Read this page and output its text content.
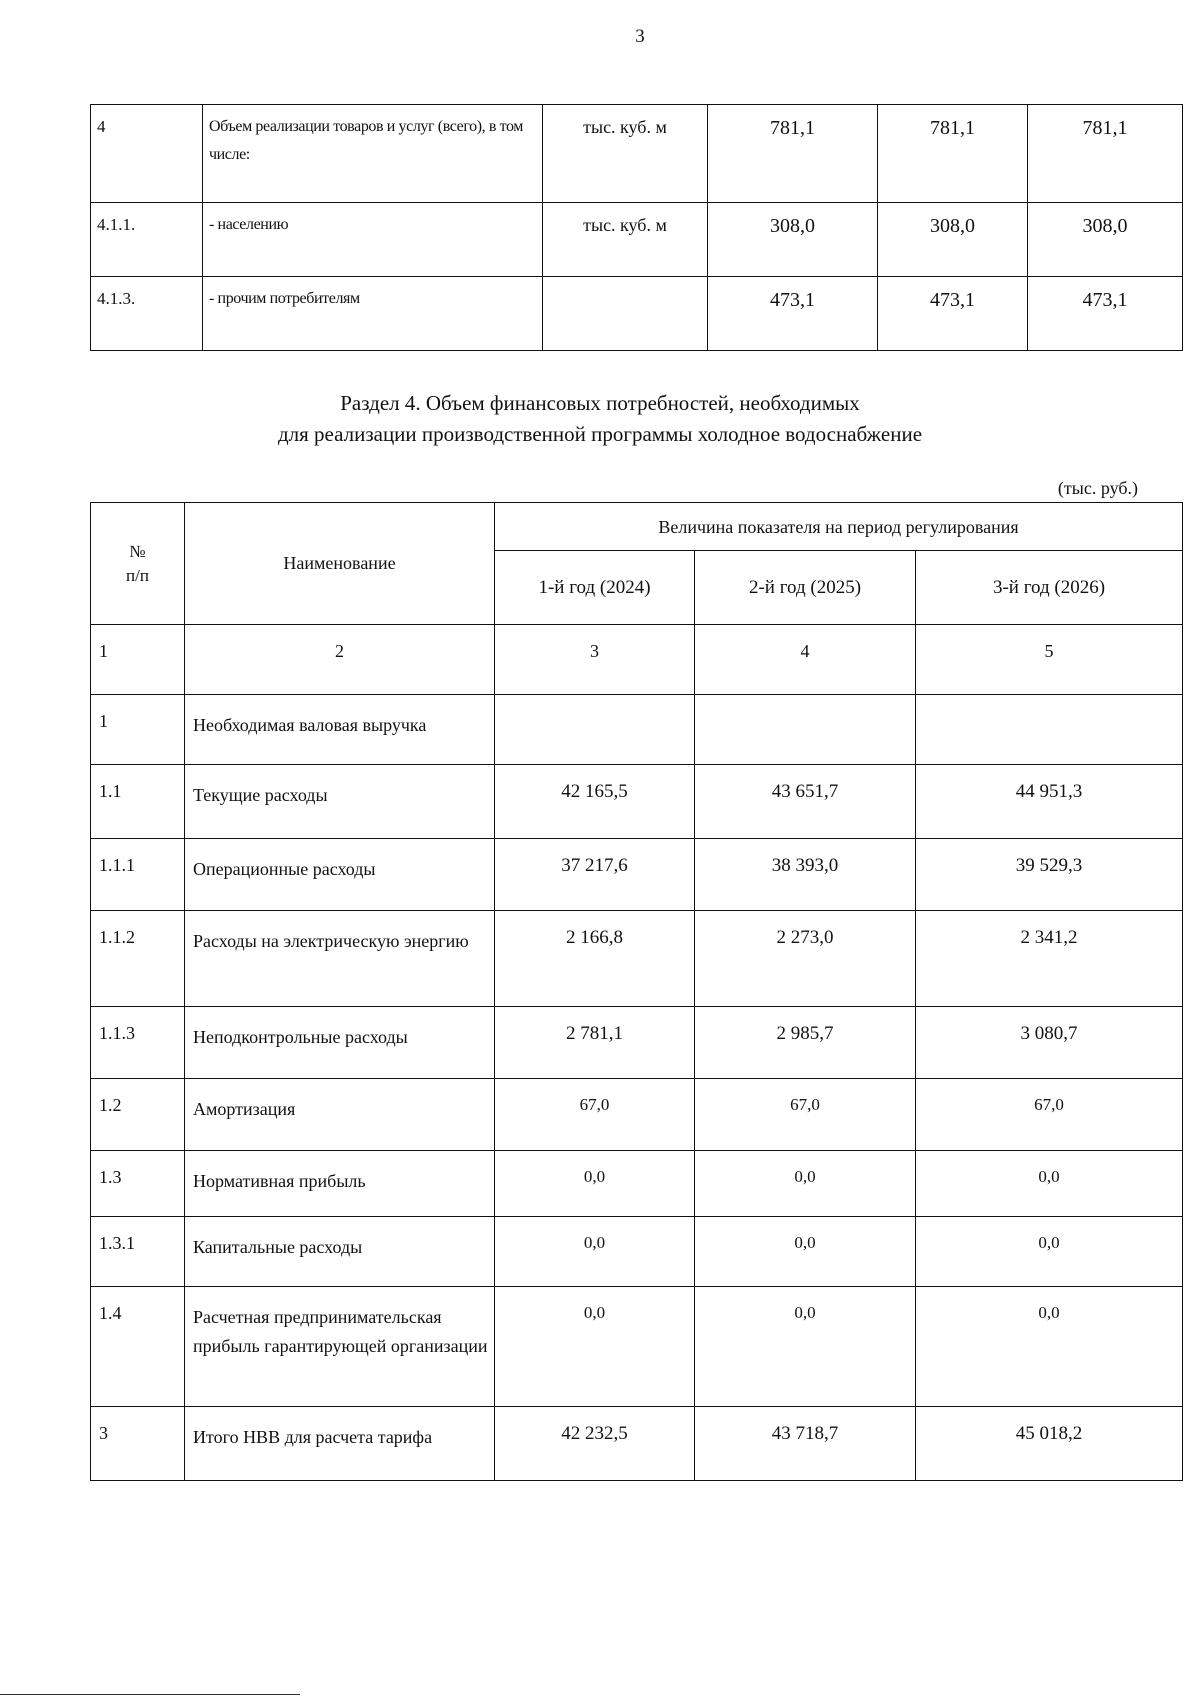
3
4	Объем реализации товаров и услуг (всего), в том числе:	тыс. куб. м	781,1	781,1	781,1
4.1.1.	- населению	тыс. куб. м	308,0	308,0	308,0
4.1.3.	- прочим потребителям		473,1	473,1	473,1
Раздел 4. Объем финансовых потребностей, необходимых
для реализации производственной программы холодное водоснабжение
(тыс. руб.)
№
п/п	Наименование	Величина показателя на период регулирования		
		1-й год (2024)	2-й год (2025)	3-й год (2026)
1	2	3	4	5
1	Необходимая валовая выручка			
1.1	Текущие расходы	42 165,5	43 651,7	44 951,3
1.1.1	Операционные расходы	37 217,6	38 393,0	39 529,3
1.1.2	Расходы на электрическую энергию	2 166,8	2 273,0	2 341,2
1.1.3	Неподконтрольные расходы	2 781,1	2 985,7	3 080,7
1.2	Амортизация	67,0	67,0	67,0
1.3	Нормативная прибыль	0,0	0,0	0,0
1.3.1	Капитальные расходы	0,0	0,0	0,0
1.4	Расчетная предпринимательская прибыль гарантирующей организации	0,0	0,0	0,0
3	Итого НВВ для расчета тарифа	42 232,5	43 718,7	45 018,2
